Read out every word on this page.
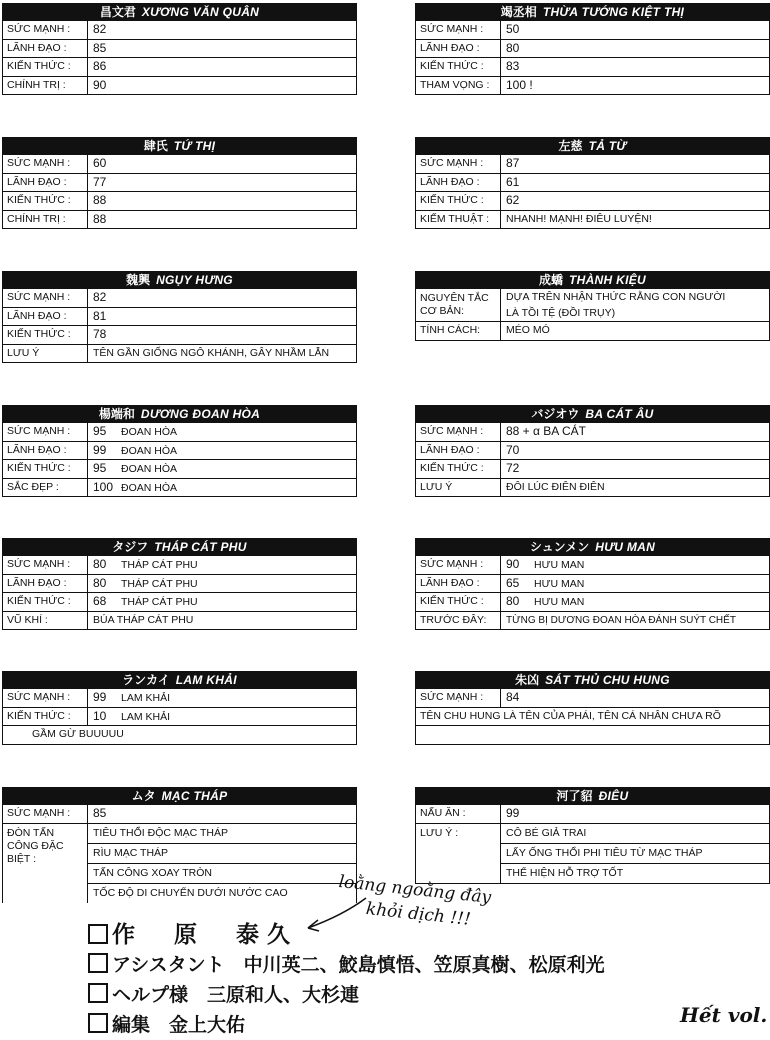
昌文君 XƯƠNG VĂN QUÂN
SỨC MẠNH :	82
LÃNH ĐẠO :	85
KIẾN THỨC :	86
CHÍNH TRỊ :	90
肆氏 TỨ THỊ
SỨC MẠNH :	60
LÃNH ĐẠO :	77
KIẾN THỨC :	88
CHÍNH TRỊ :	88
魏興 NGỤY HƯNG
SỨC MẠNH :	82
LÃNH ĐẠO :	81
KIẾN THỨC :	78
LƯU Ý	TÊN GẦN GIỐNG NGÔ KHÁNH, GÂY NHẦM LẪN
楊端和 DƯƠNG ĐOAN HÒA
SỨC MẠNH :	95 ĐOAN HÒA
LÃNH ĐẠO :	99 ĐOAN HÒA
KIẾN THỨC :	95 ĐOAN HÒA
SẮC ĐẸP :	100 ĐOAN HÒA
タジフ THÁP CÁT PHU
SỨC MẠNH :	80 THÁP CÁT PHU
LÃNH ĐẠO :	80 THÁP CÁT PHU
KIẾN THỨC :	68 THÁP CÁT PHU
VŨ KHÍ :	BÚA THÁP CÁT PHU
ランカイ LAM KHẢI
SỨC MẠNH :	99 LAM KHẢI
KIẾN THỨC :	10 LAM KHẢI
GẦM GỪ BUUUUU
ムタ MẠC THÁP
SỨC MẠNH :	85
ĐÒN TẤN CÔNG ĐẶC BIỆT :
TIÊU THỔI ĐỘC MẠC THÁP
RÌU MẠC THÁP
TẤN CÔNG XOAY TRÒN
TỐC ĐỘ DI CHUYỂN DƯỚI NƯỚC CAO
竭丞相 THỪA TƯỚNG KIỆT THỊ
SỨC MẠNH :	50
LÃNH ĐẠO :	80
KIẾN THỨC :	83
THAM VỌNG :	100 !
左慈 TẢ TỪ
SỨC MẠNH :	87
LÃNH ĐẠO :	61
KIẾN THỨC :	62
KIẾM THUẬT :	NHANH! MẠNH! ĐIÊU LUYỆN!
成蟜 THÀNH KIỆU
NGUYÊN TẮC CƠ BẢN:
DỰA TRÊN NHẬN THỨC RẰNG CON NGƯỜI
LÀ TỒI TỆ (ĐỒI TRỤY)
TÍNH CÁCH:	MÉO MÓ
バジオウ BA CÁT ÂU
SỨC MẠNH :	88 + α BA CÁT
LÃNH ĐẠO :	70
KIẾN THỨC :	72
LƯU Ý	ĐÔI LÚC ĐIÊN ĐIÊN
シュンメン HƯU MAN
SỨC MẠNH :	90 HƯU MAN
LÃNH ĐẠO :	65 HƯU MAN
KIẾN THỨC :	80 HƯU MAN
TRƯỚC ĐÂY:	TỪNG BỊ DƯƠNG ĐOAN HÒA ĐÁNH SUÝT CHẾT
朱凶 SÁT THỦ CHU HUNG
SỨC MẠNH :	84
TÊN CHU HUNG LÀ TÊN CỦA PHÁI, TÊN CÁ NHÂN CHƯA RÕ
河了貂 ĐIÊU
NẤU ĂN :	99
LƯU Ý :	CÔ BÉ GIẢ TRAI
LẤY ỐNG THỔI PHI TIÊU TỪ MẠC THÁP
THỂ HIỆN HỖ TRỢ TỐT
loằng ngoằng đây
khỏi dịch !!!
作　原　泰久
アシスタント　中川英二、鮫島慎悟、笠原真樹、松原利光
ヘルプ様　三原和人、大杉連
編集　金上大佑	Hết vol.
